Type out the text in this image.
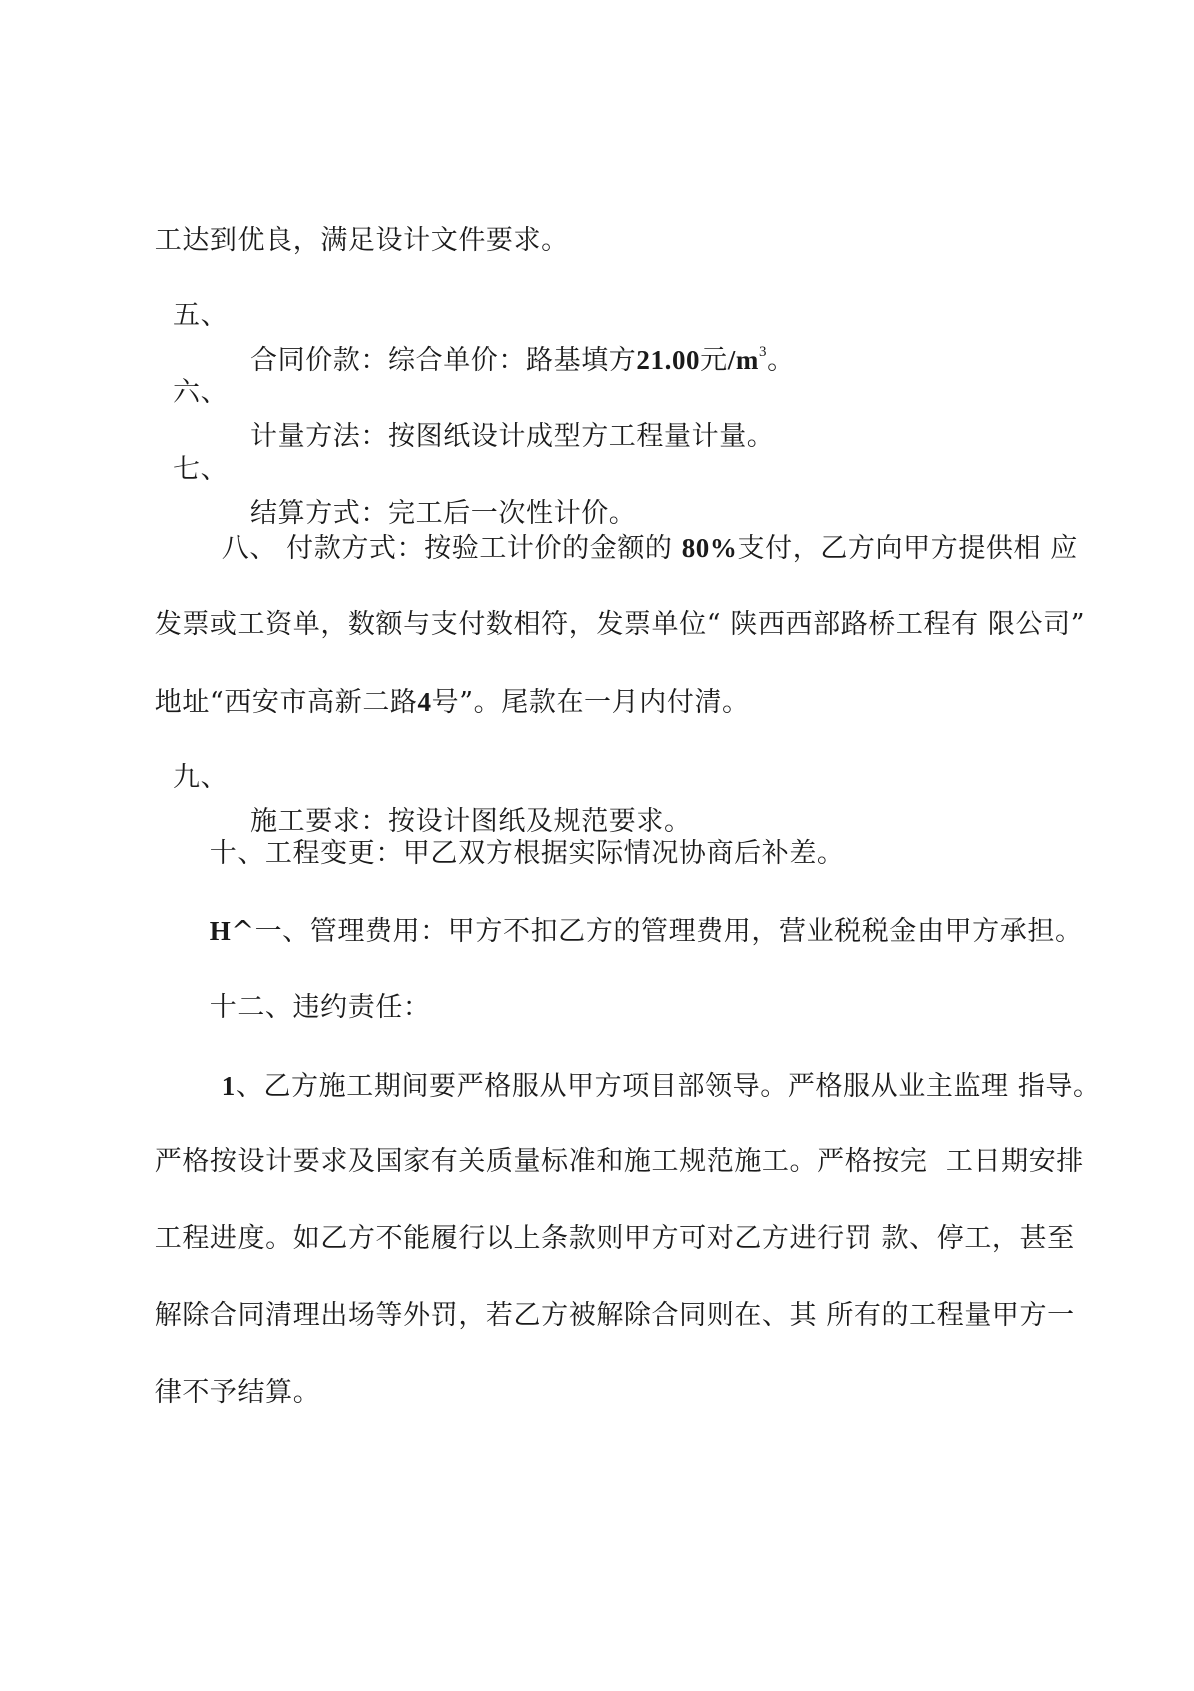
工达到优良，满足设计文件要求。

五、

合同价款：综合单价：路基填方21.00元$/m^3$。

六、

计量方法：按图纸设计成型方工程量计量。

七、

结算方式：完工后一次性计价。

八、 付款方式：按验工计价的金额的 80%支付，乙方向甲方提供相 应

发票或工资单，数额与支付数相符，发票单位“ 陕西西部路桥工程有 限公司”

地址“西安市高新二路4号”。尾款在一月内付清。

九、

施工要求：按设计图纸及规范要求。

十、工程变更：甲乙双方根据实际情况协商后补差。

H^一、管理费用：甲方不扣乙方的管理费用，营业税税金由甲方承担。

十二、违约责任：

1、乙方施工期间要严格服从甲方项目部领导。严格服从业主监理 指导。

严格按设计要求及国家有关质量标准和施工规范施工。严格按完  工日期安排

工程进度。如乙方不能履行以上条款则甲方可对乙方进行罚 款、停工，甚至

解除合同清理出场等外罚，若乙方被解除合同则在、其 所有的工程量甲方一

律不予结算。
